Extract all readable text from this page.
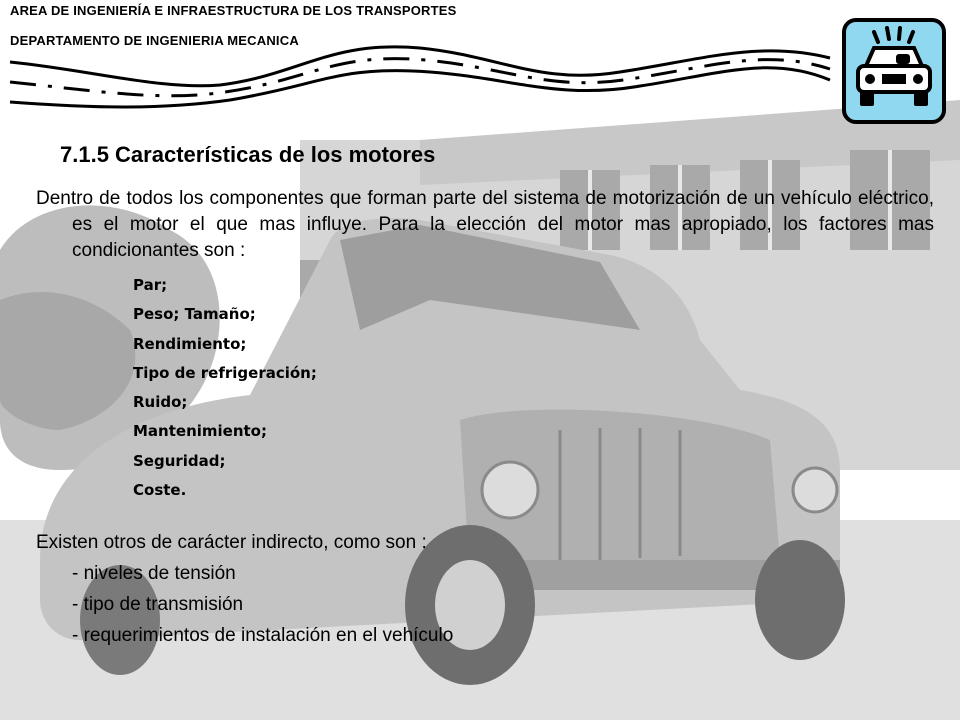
AREA DE INGENIERÍA E INFRAESTRUCTURA DE LOS TRANSPORTES
DEPARTAMENTO DE INGENIERIA MECANICA
7.1.5 Características de los motores

Dentro de todos los componentes que forman parte del sistema de motorización de un vehículo eléctrico, es el motor el que mas influye. Para la elección del motor mas apropiado, los factores mas condicionantes son :

Par;
Peso; Tamaño;
Rendimiento;
Tipo de refrigeración;
Ruido;
Mantenimiento;
Seguridad;
Coste.
Existen otros de carácter indirecto, como son :
- niveles de tensión
- tipo de transmisión
- requerimientos de instalación en el vehículo
